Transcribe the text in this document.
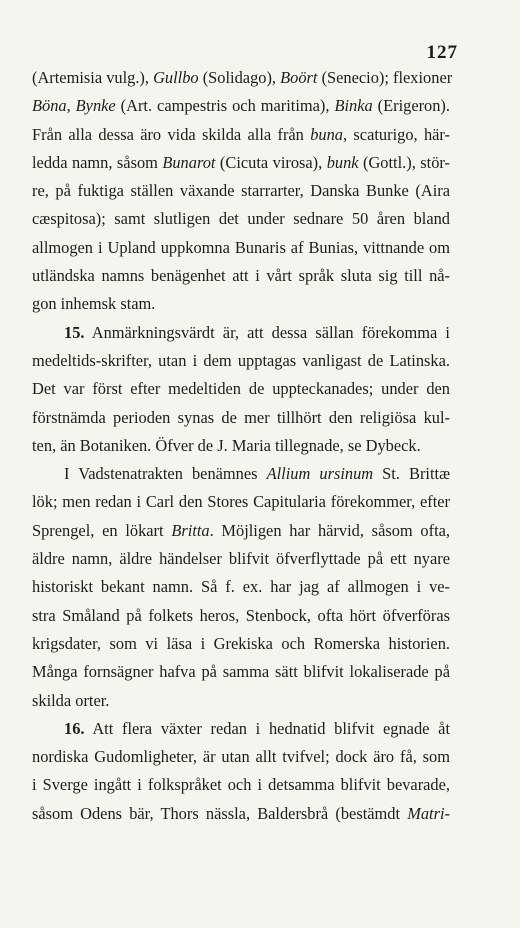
127
(Artemisia vulg.), Gullbo (Solidago), Boört (Senecio); flexioner
Böna, Bynke (Art. campestris och maritima), Binka (Erigeron).
Från alla dessa äro vida skilda alla från buna, scaturigo, här-
ledda namn, såsom Bunarot (Cicuta virosa), bunk (Gottl.), stör-
re, på fuktiga ställen växande starrarter, Danska Bunke (Aira
cæspitosa); samt slutligen det under sednare 50 åren bland
allmogen i Upland uppkomna Bunaris af Bunias, vittnande om
utländska namns benägenhet att i vårt språk sluta sig till nå-
gon inhemsk stam.
15. Anmärkningsvärdt är, att dessa sällan förekomma i
medeltids-skrifter, utan i dem upptagas vanligast de Latinska.
Det var först efter medeltiden de uppteckanades; under den
förstnämda perioden synas de mer tillhört den religiösa kul-
ten, än Botaniken. Öfver de J. Maria tillegnade, se Dybeck.
I Vadstenatrakten benämnes Allium ursinum St. Brittæ
lök; men redan i Carl den Stores Capitularia förekommer, efter
Sprengel, en lökart Britta. Möjligen har härvid, såsom ofta,
äldre namn, äldre händelser blifvit öfverflyttade på ett nyare
historiskt bekant namn. Så f. ex. har jag af allmogen i ve-
stra Småland på folkets heros, Stenbock, ofta hört öfverföras
krigsdater, som vi läsa i Grekiska och Romerska historien.
Många fornsägner hafva på samma sätt blifvit lokaliserade på
skilda orter.
16. Att flera växter redan i hednatid blifvit egnade åt
nordiska Gudomligheter, är utan allt tvifvel; dock äro få, som
i Sverge ingått i folkspråket och i detsamma blifvit bevarade,
såsom Odens bär, Thors nässla, Baldersbrå (bestämdt Matri-
